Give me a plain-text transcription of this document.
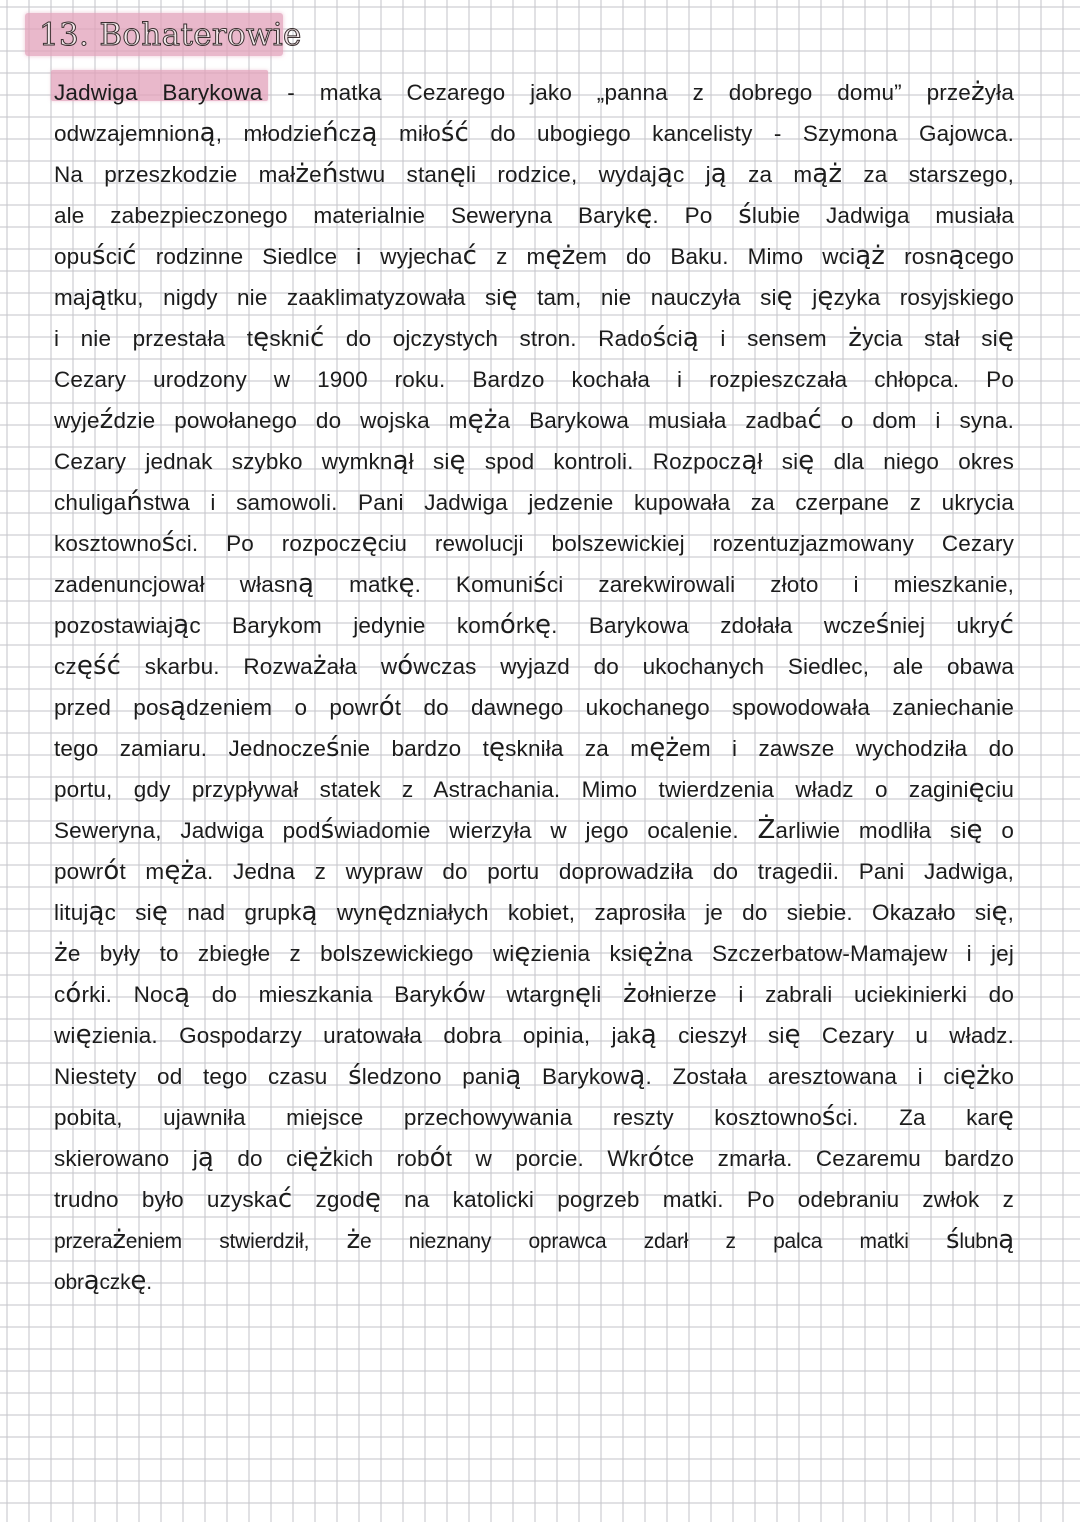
13. Bohaterowie
Jadwiga Barykowa - matka Cezarego jako „panna z dobrego domu” przeżyła
odwzajemnioną, młodzieńczą miłość do ubogiego kancelisty - Szymona Gajowca.
Na przeszkodzie małżeństwu stanęli rodzice, wydając ją za mąż za starszego,
ale zabezpieczonego materialnie Seweryna Barykę. Po ślubie Jadwiga musiała
opuścić rodzinne Siedlce i wyjechać z mężem do Baku. Mimo wciąż rosnącego
majątku, nigdy nie zaaklimatyzowała się tam, nie nauczyła się języka rosyjskiego
i nie przestała tęsknić do ojczystych stron. Radością i sensem życia stał się
Cezary urodzony w 1900 roku. Bardzo kochała i rozpieszczała chłopca. Po
wyjeździe powołanego do wojska męża Barykowa musiała zadbać o dom i syna.
Cezary jednak szybko wymknął się spod kontroli. Rozpoczął się dla niego okres
chuligaństwa i samowoli. Pani Jadwiga jedzenie kupowała za czerpane z ukrycia
kosztowności. Po rozpoczęciu rewolucji bolszewickiej rozentuzjazmowany Cezary
zadenuncjował własną matkę. Komuniści zarekwirowali złoto i mieszkanie,
pozostawiając Barykom jedynie komórkę. Barykowa zdołała wcześniej ukryć
część skarbu. Rozważała wówczas wyjazd do ukochanych Siedlec, ale obawa
przed posądzeniem o powrót do dawnego ukochanego spowodowała zaniechanie
tego zamiaru. Jednocześnie bardzo tęskniła za mężem i zawsze wychodziła do
portu, gdy przypływał statek z Astrachania. Mimo twierdzenia władz o zaginięciu
Seweryna, Jadwiga podświadomie wierzyła w jego ocalenie. Żarliwie modliła się o
powrót męża. Jedna z wypraw do portu doprowadziła do tragedii. Pani Jadwiga,
litując się nad grupką wynędzniałych kobiet, zaprosiła je do siebie. Okazało się,
że były to zbiegłe z bolszewickiego więzienia księżna Szczerbatow-Mamajew i jej
córki. Nocą do mieszkania Baryków wtargnęli żołnierze i zabrali uciekinierki do
więzienia. Gospodarzy uratowała dobra opinia, jaką cieszył się Cezary u władz.
Niestety od tego czasu śledzono panią Barykową. Została aresztowana i ciężko
pobita, ujawniła miejsce przechowywania reszty kosztowności. Za karę
skierowano ją do ciężkich robót w porcie. Wkrótce zmarła. Cezaremu bardzo
trudno było uzyskać zgodę na katolicki pogrzeb matki. Po odebraniu zwłok z
przerażeniem stwierdził, że nieznany oprawca zdarł z palca matki ślubną
obrączkę.
